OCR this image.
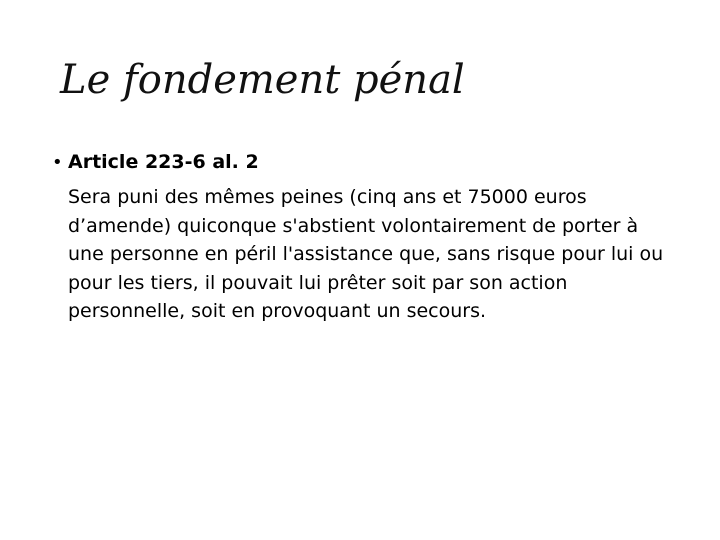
Le fondement pénal
• Article 223-6 al. 2

Sera puni des mêmes peines (cinq ans et 75000 euros d’amende) quiconque s'abstient volontairement de porter à une personne en péril l'assistance que, sans risque pour lui ou pour les tiers, il pouvait lui prêter soit par son action personnelle, soit en provoquant un secours.
